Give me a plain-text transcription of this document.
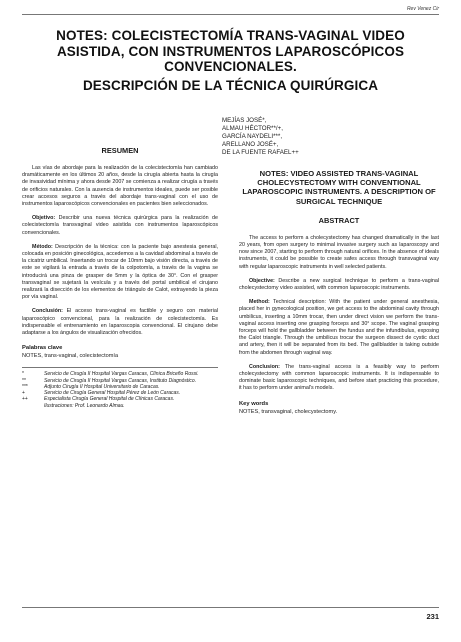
Rev Venez Cir
NOTES: COLECISTECTOMÍA TRANS-VAGINAL VIDEO
ASISTIDA, CON INSTRUMENTOS LAPAROSCÓPICOS
CONVENCIONALES.
DESCRIPCIÓN DE LA TÉCNICA QUIRÚRGICA
MEJÍAS JOSÉ*,
ALMAU HÉCTOR**/+,
GARCÍA NAYDELI***,
ARELLANO JOSÉ+,
DE LA FUENTE RAFAEL++
RESUMEN

Las vías de abordaje para la realización de la colecistectomía han cambiado dramáticamente en los últimos 20 años, desde la cirugía abierta hasta la cirugía de invasividad mínima y ahora desde 2007 se comienza a realizar cirugía a través de orificios naturales. Con la ausencia de instrumentos ideales, puede ser posible crear accesos seguros a través del abordaje trans-vaginal con el uso de instrumentos laparoscópicos convencionales en pacientes bien seleccionados.

Objetivo: Describir una nueva técnica quirúrgica para la realización de colecistectomía transvaginal video asistida con instrumentos laparoscópicos convencionales.

Método: Descripción de la técnica: con la paciente bajo anestesia general, colocada en posición ginecológica, accedemos a la cavidad abdominal a través de la cicatriz umbilical. Insertando un trocar de 10mm bajo visión directa, a través de este se vigilará la entrada a través de la colpotomía, a través de la vagina se introducirá una pinza de grasper de 5mm y la óptica de 30°. Con el grasper transvaginal se sujetará la vesícula y a través del portal umbilical el cirujano realizará la disección de los elementos de triángulo de Calot, extrayendo la pieza por vía vaginal.

Conclusión: El acceso trans-vaginal es factible y seguro con material laparoscópico convencional, para la realización de colecistectomía. Es indispensable el entrenamiento en laparoscopia convencional. El cirujano debe adaptarse a los ángulos de visualización ofrecidos.

Palabras clave
NOTES, trans-vaginal, colecistectomía
*	Servicio de Cirugía II Hospital Vargas Caracas, Clínica Briceño Rossi.
**	Servicio de Cirugía II Hospital Vargas Caracas, Instituto Diagnóstico.
***	Adjunto Cirugía II Hospital Universitario de Caracas.
+	Servicio de Cirugía General Hospital Pérez de León Caracas.
++	Especialista Cirugía General Hospital de Clínicas Caracas.
Ilustraciones: Prof. Leonardo Almau.
NOTES: VIDEO ASSISTED TRANS-VAGINAL CHOLECYSTECTOMY WITH CONVENTIONAL LAPAROSCOPIC INSTRUMENTS. A DESCRIPTION OF SURGICAL TECHNIQUE
ABSTRACT

The access to perform a cholecystectomy has changed dramatically in the last 20 years, from open surgery to minimal invasive surgery such as laparoscopy and now since 2007, starting to perform through natural orifices. In the absence of ideals instruments, it could be possible to create safes access through transvaginal way with regular laparoscopic instruments in well selected patients.

Objective: Describe a new surgical technique to perform a trans-vaginal cholecystectomy video assisted, with common laparoscopic instruments.

Method: Technical description: With the patient under general anesthesia, placed her in gynecological position, we get access to the abdominal cavity through umbilicus, inserting a 10mm trocar, then under direct vision we perform the trans-vaginal access inserting one grasping forceps and 30° scope. The vaginal grasping forceps will hold the gallbladder between the fundus and the infundibulus, exposing the Calot triangle. Through the umbilicus trocar the surgeon dissect de cystic duct and artery, then it will be separated from its bed. The gallbladder is taking outside from the abdomen through vaginal way.

Conclusion: The trans-vaginal access is a feasibly way to perform cholecystectomy with common laparoscopic instruments. It is indispensable to dominate basic laparoscopic techniques, and before start practicing this procedure, it has to perform under animal's models.

Key words
NOTES, transvaginal, cholecystectomy.
231
